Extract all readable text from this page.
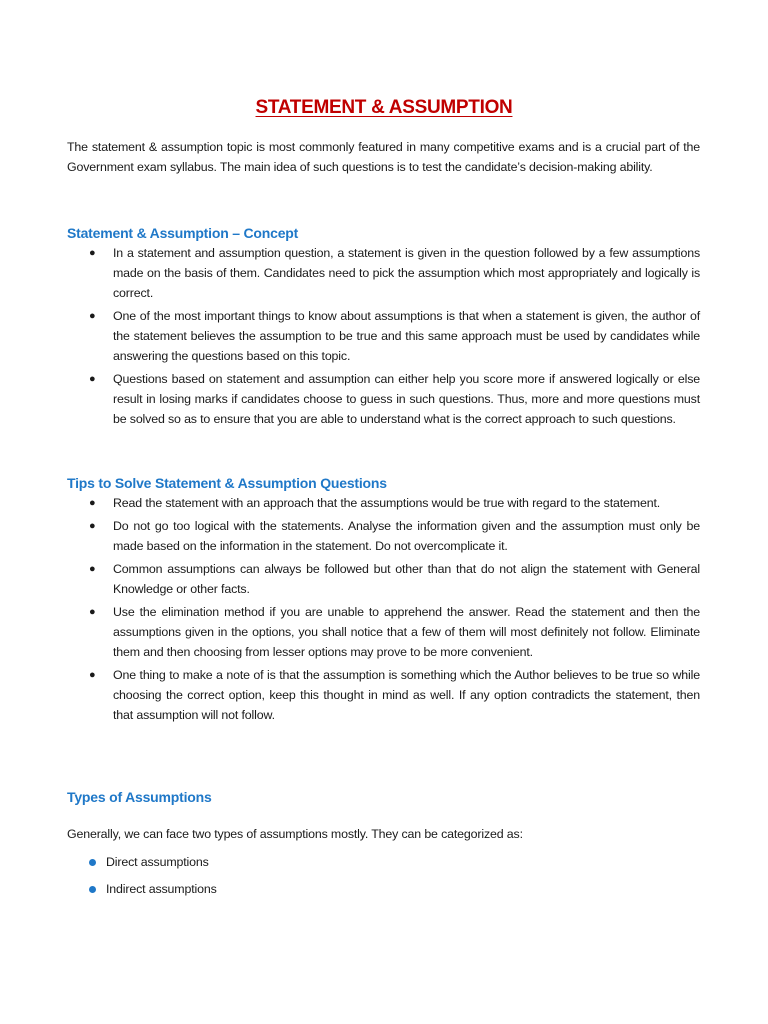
STATEMENT & ASSUMPTION

The statement & assumption topic is most commonly featured in many competitive exams and is a crucial part of the Government exam syllabus. The main idea of such questions is to test the candidate’s decision-making ability.

Statement & Assumption – Concept
● In a statement and assumption question, a statement is given in the question followed by a few assumptions made on the basis of them. Candidates need to pick the assumption which most appropriately and logically is correct.
● One of the most important things to know about assumptions is that when a statement is given, the author of the statement believes the assumption to be true and this same approach must be used by candidates while answering the questions based on this topic.
● Questions based on statement and assumption can either help you score more if answered logically or else result in losing marks if candidates choose to guess in such questions. Thus, more and more questions must be solved so as to ensure that you are able to understand what is the correct approach to such questions.
Tips to Solve Statement & Assumption Questions
● Read the statement with an approach that the assumptions would be true with regard to the statement.
● Do not go too logical with the statements. Analyse the information given and the assumption must only be made based on the information in the statement. Do not overcomplicate it.
● Common assumptions can always be followed but other than that do not align the statement with General Knowledge or other facts.
● Use the elimination method if you are unable to apprehend the answer. Read the statement and then the assumptions given in the options, you shall notice that a few of them will most definitely not follow. Eliminate them and then choosing from lesser options may prove to be more convenient.
● One thing to make a note of is that the assumption is something which the Author believes to be true so while choosing the correct option, keep this thought in mind as well. If any option contradicts the statement, then that assumption will not follow.
Types of Assumptions

Generally, we can face two types of assumptions mostly. They can be categorized as:

Direct assumptions
Indirect assumptions
